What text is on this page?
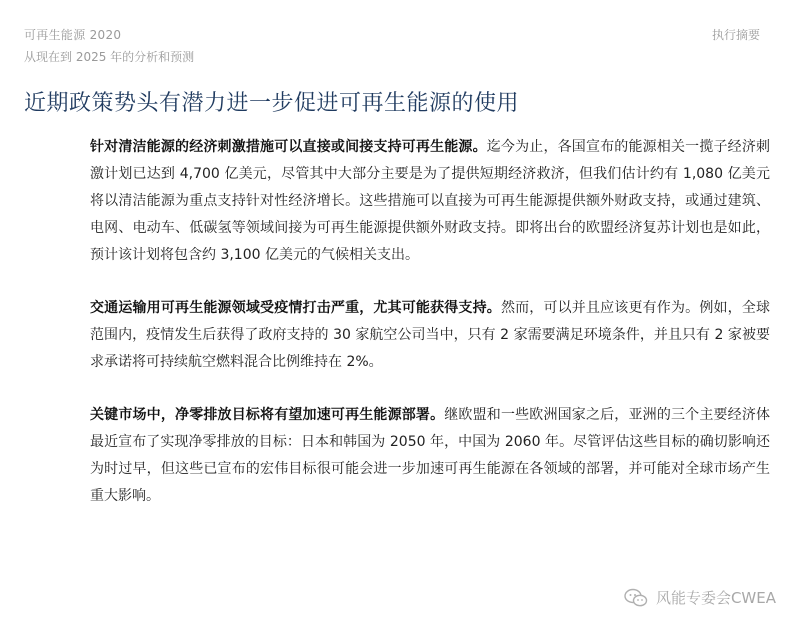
可再生能源 2020
从现在到 2025 年的分析和预测
执行摘要
近期政策势头有潜力进一步促进可再生能源的使用

针对清洁能源的经济刺激措施可以直接或间接支持可再生能源。迄今为止，各国宣布的能源相关一揽子经济刺激计划已达到 4,700 亿美元，尽管其中大部分主要是为了提供短期经济救济，但我们估计约有 1,080 亿美元将以清洁能源为重点支持针对性经济增长。这些措施可以直接为可再生能源提供额外财政支持，或通过建筑、电网、电动车、低碳氢等领域间接为可再生能源提供额外财政支持。即将出台的欧盟经济复苏计划也是如此，预计该计划将包含约 3,100 亿美元的气候相关支出。

交通运输用可再生能源领域受疫情打击严重，尤其可能获得支持。然而，可以并且应该更有作为。例如，全球范围内，疫情发生后获得了政府支持的 30 家航空公司当中，只有 2 家需要满足环境条件，并且只有 2 家被要求承诺将可持续航空燃料混合比例维持在 2%。

关键市场中，净零排放目标将有望加速可再生能源部署。继欧盟和一些欧洲国家之后，亚洲的三个主要经济体最近宣布了实现净零排放的目标：日本和韩国为 2050 年，中国为 2060 年。尽管评估这些目标的确切影响还为时过早，但这些已宣布的宏伟目标很可能会进一步加速可再生能源在各领域的部署，并可能对全球市场产生重大影响。

风能专委会CWEA
